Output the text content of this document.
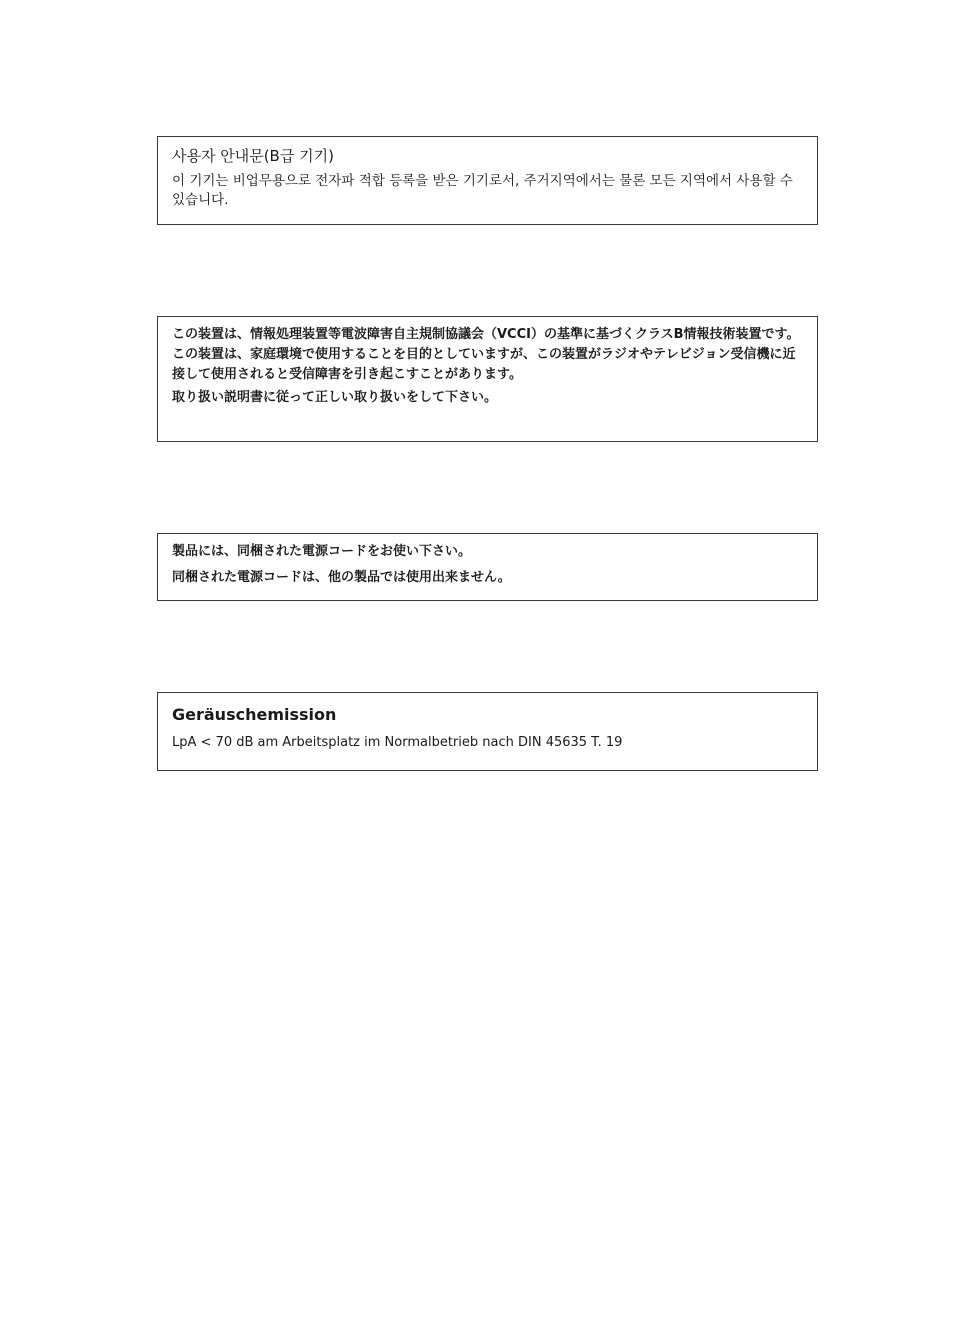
사용자 안내문(B급 기기)

이 기기는 비업무용으로 전자파 적합 등록을 받은 기기로서, 주거지역에서는 물론 모든 지역에서 사용할 수 있습니다.

この装置は、情報処理装置等電波障害自主規制協議会（VCCI）の基準に基づくクラスB情報技術装置です。この装置は、家庭環境で使用することを目的としていますが、この装置がラジオやテレビジョン受信機に近接して使用されると受信障害を引き起こすことがあります。

取り扱い説明書に従って正しい取り扱いをして下さい。

製品には、同梱された電源コードをお使い下さい。

同梱された電源コードは、他の製品では使用出来ません。

Geräuschemission

LpA < 70 dB am Arbeitsplatz im Normalbetrieb nach DIN 45635 T. 19
